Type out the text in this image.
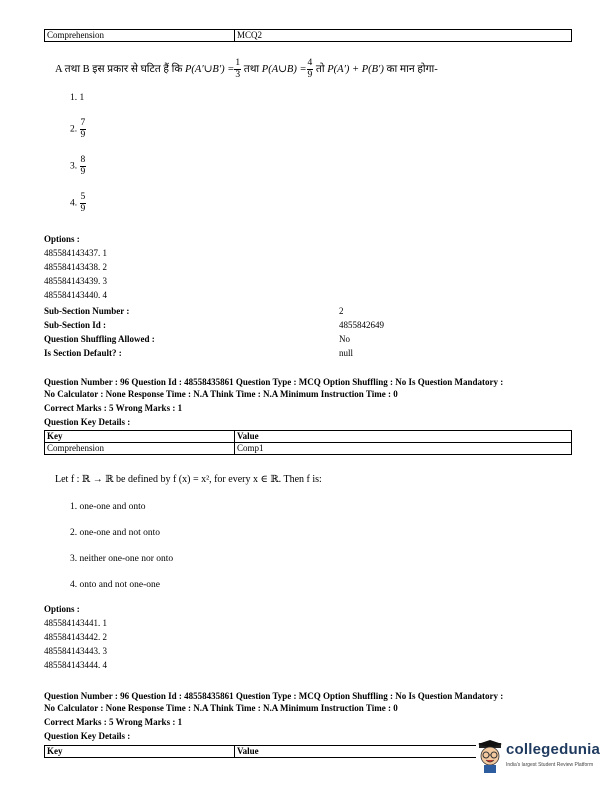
Comprehension	MCQ2
A तथा B इस प्रकार से घटित हैं कि P(A′∪B′) = $\frac{1}{3}$ तथा P(A∪B) = $\frac{4}{9}$ तो P(A′) + P(B′) का मान होगा-
1. 1
2. $\frac{7}{9}$
3. $\frac{8}{9}$
4. $\frac{5}{9}$
Options :
485584143437. 1
485584143438. 2
485584143439. 3
485584143440. 4
Sub-Section Number :	2
Sub-Section Id :	4855842649
Question Shuffling Allowed :	No
Is Section Default? :	null
Question Number : 96 Question Id : 48558435861 Question Type : MCQ Option Shuffling : No Is Question Mandatory :
No Calculator : None Response Time : N.A Think Time : N.A Minimum Instruction Time : 0
Correct Marks : 5 Wrong Marks : 1
Question Key Details :
Key	Value
Comprehension	Comp1
Let f : ℝ → ℝ be defined by f (x) = x², for every x ∈ ℝ. Then f is:
1. one-one and onto
2. one-one and not onto
3. neither one-one nor onto
4. onto and not one-one
Options :
485584143441. 1
485584143442. 2
485584143443. 3
485584143444. 4
Question Number : 96 Question Id : 48558435861 Question Type : MCQ Option Shuffling : No Is Question Mandatory :
No Calculator : None Response Time : N.A Think Time : N.A Minimum Instruction Time : 0
Correct Marks : 5 Wrong Marks : 1
Question Key Details :
Key	Value	collegedunia
India's largest Student Review Platform
